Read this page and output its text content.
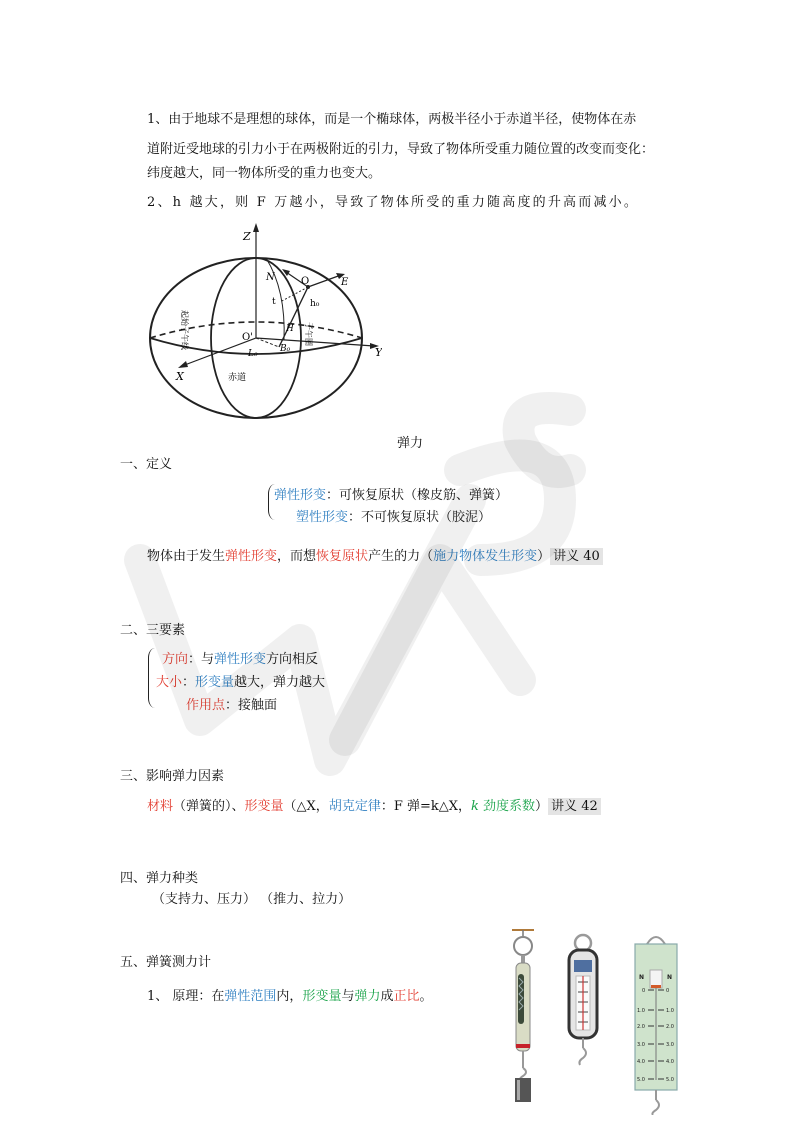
1、由于地球不是理想的球体，而是一个椭球体，两极半径小于赤道半径，使物体在赤
道附近受地球的引力小于在两极附近的引力，导致了物体所受重力随位置的改变而变化：
纬度越大，同一物体所受的重力也变大。
2、h 越大，则 F 万越小，导致了物体所受的重力随高度的升高而减小。
Z
Y
X
N	E
O
h₀
t
H
O'
L₀ B₀
赤道
起始子午线	子午圈
弹力
一、定义
弹性形变：可恢复原状（橡皮筋、弹簧）
塑性形变：不可恢复原状（胶泥）
物体由于发生弹性形变，而想恢复原状产生的力（施力物体发生形变） 讲义 40
二、三要素
方向：与弹性形变方向相反
大小：形变量越大，弹力越大
作用点：接触面
三、影响弹力因素
材料（弹簧的）、形变量（△X，胡克定律：F 弹=k△X，k 劲度系数） 讲义 42
四、弹力种类
（支持力、压力） （推力、拉力）
五、弹簧测力计
1、 原理：在弹性范围内，形变量与弹力成正比。
N	N
0	0
1.0	1.0
2.0	2.0
3.0	3.0
4.0	4.0
5.0	5.0
